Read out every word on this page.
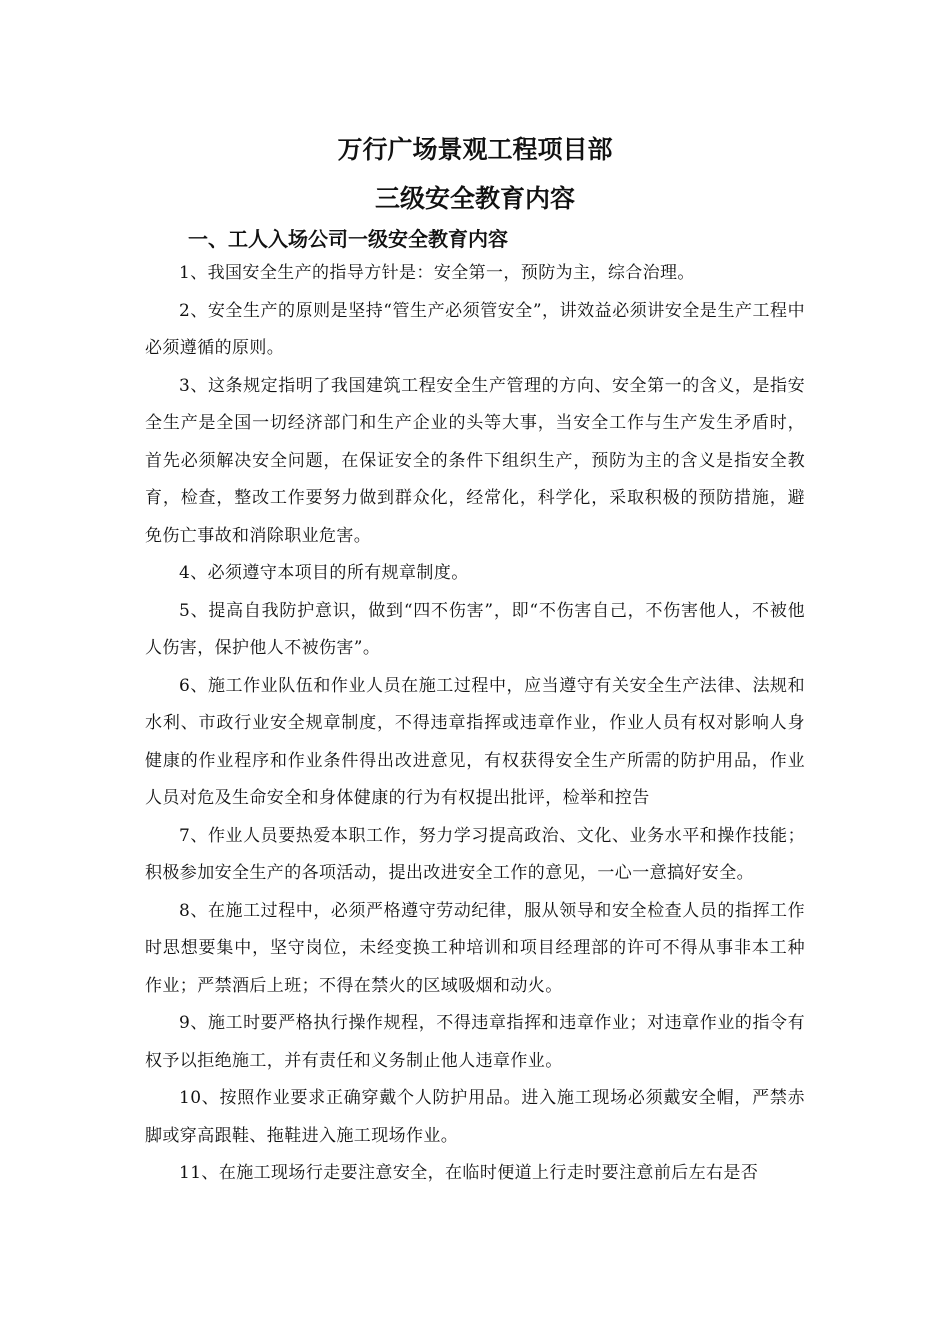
万行广场景观工程项目部
三级安全教育内容
一、工人入场公司一级安全教育内容

1、我国安全生产的指导方针是：安全第一，预防为主，综合治理。

2、安全生产的原则是坚持“管生产必须管安全”，讲效益必须讲安全是生产工程中必须遵循的原则。

3、这条规定指明了我国建筑工程安全生产管理的方向、安全第一的含义，是指安全生产是全国一切经济部门和生产企业的头等大事，当安全工作与生产发生矛盾时，首先必须解决安全问题，在保证安全的条件下组织生产，预防为主的含义是指安全教育，检查，整改工作要努力做到群众化，经常化，科学化，采取积极的预防措施，避免伤亡事故和消除职业危害。

4、必须遵守本项目的所有规章制度。

5、提高自我防护意识，做到“四不伤害”，即“不伤害自己，不伤害他人，不被他人伤害，保护他人不被伤害”。

6、施工作业队伍和作业人员在施工过程中，应当遵守有关安全生产法律、法规和水利、市政行业安全规章制度，不得违章指挥或违章作业，作业人员有权对影响人身健康的作业程序和作业条件得出改进意见，有权获得安全生产所需的防护用品，作业人员对危及生命安全和身体健康的行为有权提出批评，检举和控告

7、作业人员要热爱本职工作，努力学习提高政治、文化、业务水平和操作技能；积极参加安全生产的各项活动，提出改进安全工作的意见，一心一意搞好安全。

8、在施工过程中，必须严格遵守劳动纪律，服从领导和安全检查人员的指挥工作时思想要集中，坚守岗位，未经变换工种培训和项目经理部的许可不得从事非本工种作业；严禁酒后上班；不得在禁火的区域吸烟和动火。

9、施工时要严格执行操作规程，不得违章指挥和违章作业；对违章作业的指令有权予以拒绝施工，并有责任和义务制止他人违章作业。

10、按照作业要求正确穿戴个人防护用品。进入施工现场必须戴安全帽，严禁赤脚或穿高跟鞋、拖鞋进入施工现场作业。

11、在施工现场行走要注意安全，在临时便道上行走时要注意前后左右是否
